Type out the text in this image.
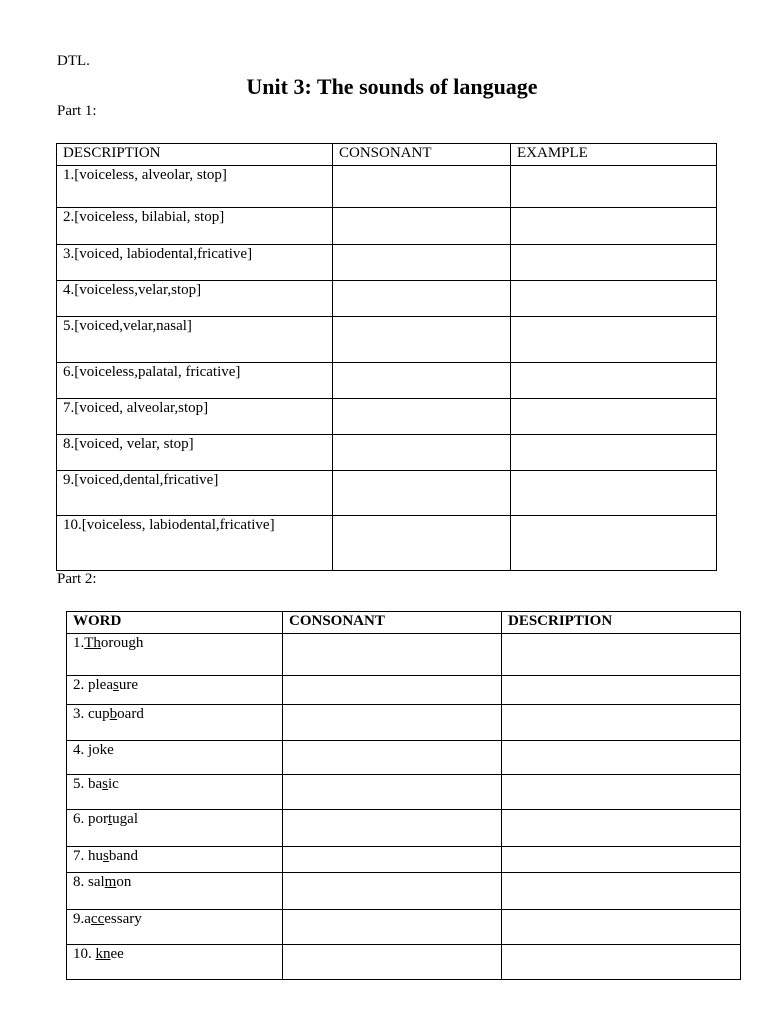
DTL.
Unit 3: The sounds of language
Part 1:
DESCRIPTION	CONSONANT	EXAMPLE
1.[voiceless, alveolar, stop]		
2.[voiceless, bilabial, stop]		
3.[voiced, labiodental,fricative]		
4.[voiceless,velar,stop]		
5.[voiced,velar,nasal]		
6.[voiceless,palatal, fricative]		
7.[voiced, alveolar,stop]		
8.[voiced, velar, stop]		
9.[voiced,dental,fricative]		
10.[voiceless, labiodental,fricative]		
Part 2:
WORD	CONSONANT	DESCRIPTION
1.Thorough		
2. pleasure		
3. cupboard		
4. joke		
5. basic		
6. portugal		
7. husband		
8. salmon		
9.accessary		
10. knee		
